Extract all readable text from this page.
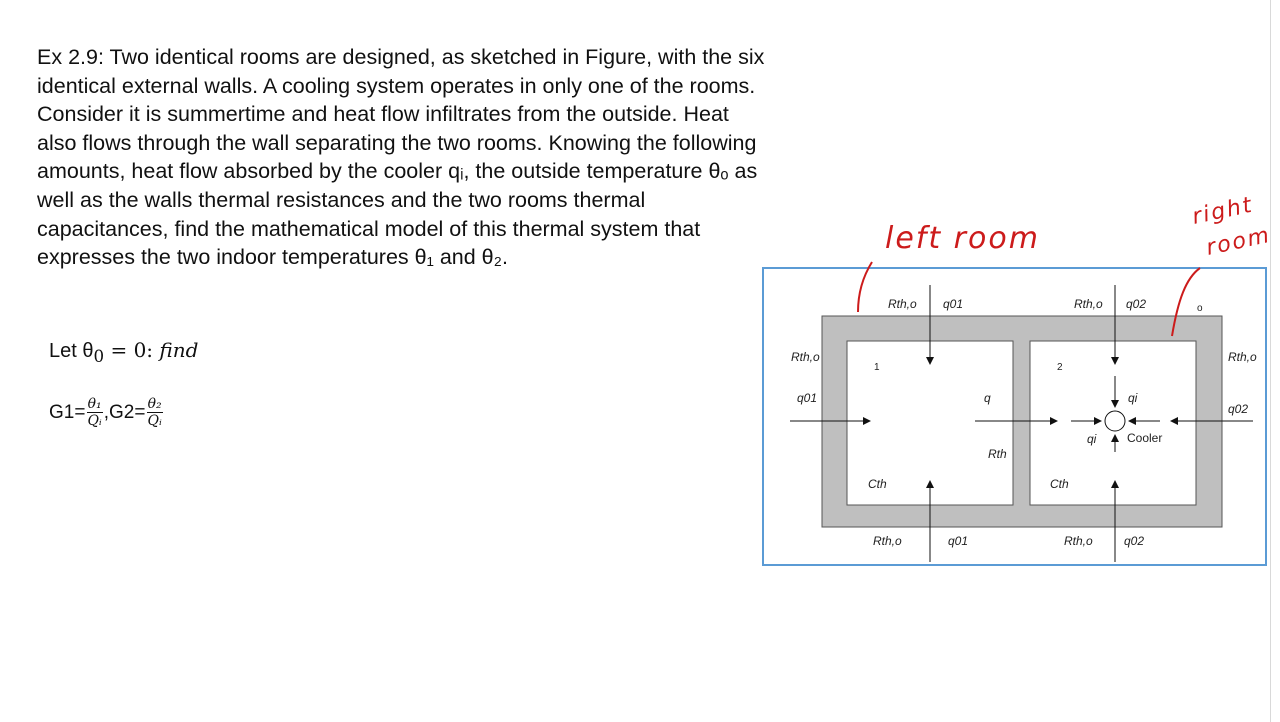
Ex 2.9: Two identical rooms are designed, as sketched in Figure, with the six

identical external walls. A cooling system operates in only one of the rooms.

Consider it is summertime and heat flow infiltrates from the outside. Heat

also flows through the wall separating the two rooms. Knowing the following

amounts, heat flow absorbed by the cooler qᵢ, the outside temperature θₒ as

well as the walls thermal resistances and the two rooms thermal

capacitances, find the mathematical model of this thermal system that

expresses the two indoor temperatures θ₁ and θ₂.

Let $\theta_0 = 0$: find
$G1= \frac{\text{θ₁}}{\text{Qᵢ}}$ , $G2= \frac{\text{θ₂}}{\text{Qᵢ}}$
Rth,o q01	Rth,o q02
Rth,o
q01
Rth,o
q02
1	2
q
Rth
qi
qi	Cooler
Cth	Cth
Rth,o	q01	Rth,o	q02
left room
right
room
o
